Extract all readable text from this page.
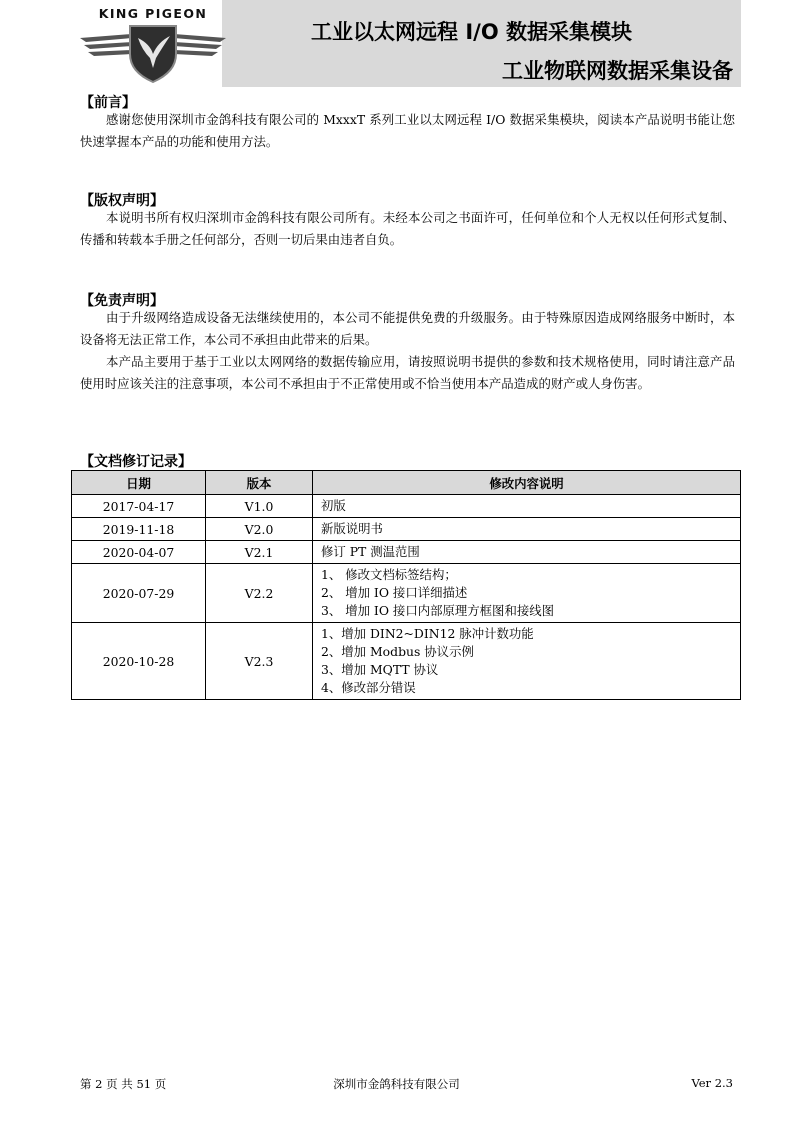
KING PIGEON
工业以太网远程 I/O 数据采集模块
工业物联网数据采集设备
【前言】

感谢您使用深圳市金鸽科技有限公司的 MxxxT 系列工业以太网远程 I/O 数据采集模块，阅读本产品说明书能让您快速掌握本产品的功能和使用方法。

【版权声明】

本说明书所有权归深圳市金鸽科技有限公司所有。未经本公司之书面许可，任何单位和个人无权以任何形式复制、传播和转载本手册之任何部分，否则一切后果由违者自负。

【免责声明】

由于升级网络造成设备无法继续使用的，本公司不能提供免费的升级服务。由于特殊原因造成网络服务中断时，本设备将无法正常工作，本公司不承担由此带来的后果。

本产品主要用于基于工业以太网网络的数据传输应用，请按照说明书提供的参数和技术规格使用，同时请注意产品使用时应该关注的注意事项，本公司不承担由于不正常使用或不恰当使用本产品造成的财产或人身伤害。

【文档修订记录】
日期	版本	修改内容说明
2017-04-17	V1.0	初版

2019-11-18	V2.0	新版说明书

2020-04-07	V2.1	修订 PT 测温范围

2020-07-29	V2.2	1、 修改文档标签结构；
2、 增加 IO 接口详细描述
3、 增加 IO 接口内部原理方框图和接线图

2020-10-28	V2.3	1、增加 DIN2~DIN12 脉冲计数功能
2、增加 Modbus 协议示例
3、增加 MQTT 协议
4、修改部分错误
第 2 页 共 51 页	深圳市金鸽科技有限公司	Ver 2.3
